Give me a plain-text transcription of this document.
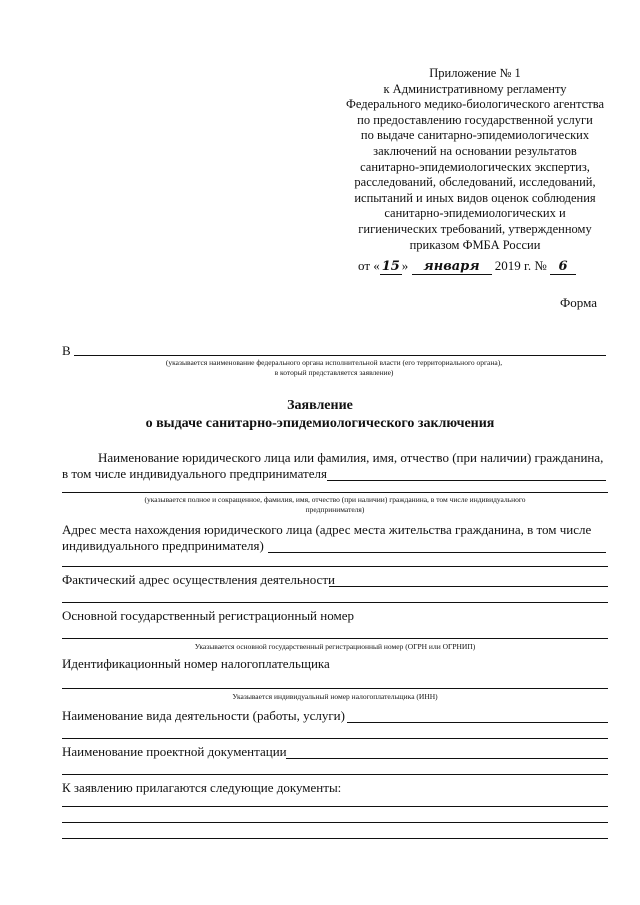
Приложение № 1
к Административному регламенту
Федерального медико-биологического агентства
по предоставлению государственной услуги
по выдаче санитарно-эпидемиологических
заключений на основании результатов
санитарно-эпидемиологических экспертиз,
расследований, обследований, исследований,
испытаний и иных видов оценок соблюдения
санитарно-эпидемиологических и
гигиенических требований, утвержденному
приказом ФМБА России
от « 15 » января 2019 г. № 6
Форма
В
(указывается наименование федерального органа исполнительной власти (его территориального органа),
в который представляется заявление)
Заявление
о выдаче санитарно-эпидемиологического заключения
Наименование юридического лица или фамилия, имя, отчество (при наличии) гражданина,
в том числе индивидуального предпринимателя
(указывается полное и сокращенное, фамилия, имя, отчество (при наличии) гражданина, в том числе индивидуального
предпринимателя)
Адрес места нахождения юридического лица (адрес места жительства гражданина, в том числе
индивидуального предпринимателя)
Фактический адрес осуществления деятельности
Основной государственный регистрационный номер
Указывается основной государственный регистрационный номер (ОГРН или ОГРНИП)
Идентификационный номер налогоплательщика
Указывается индивидуальный номер налогоплательщика (ИНН)
Наименование вида деятельности (работы, услуги)
Наименование проектной документации
К заявлению прилагаются следующие документы:
